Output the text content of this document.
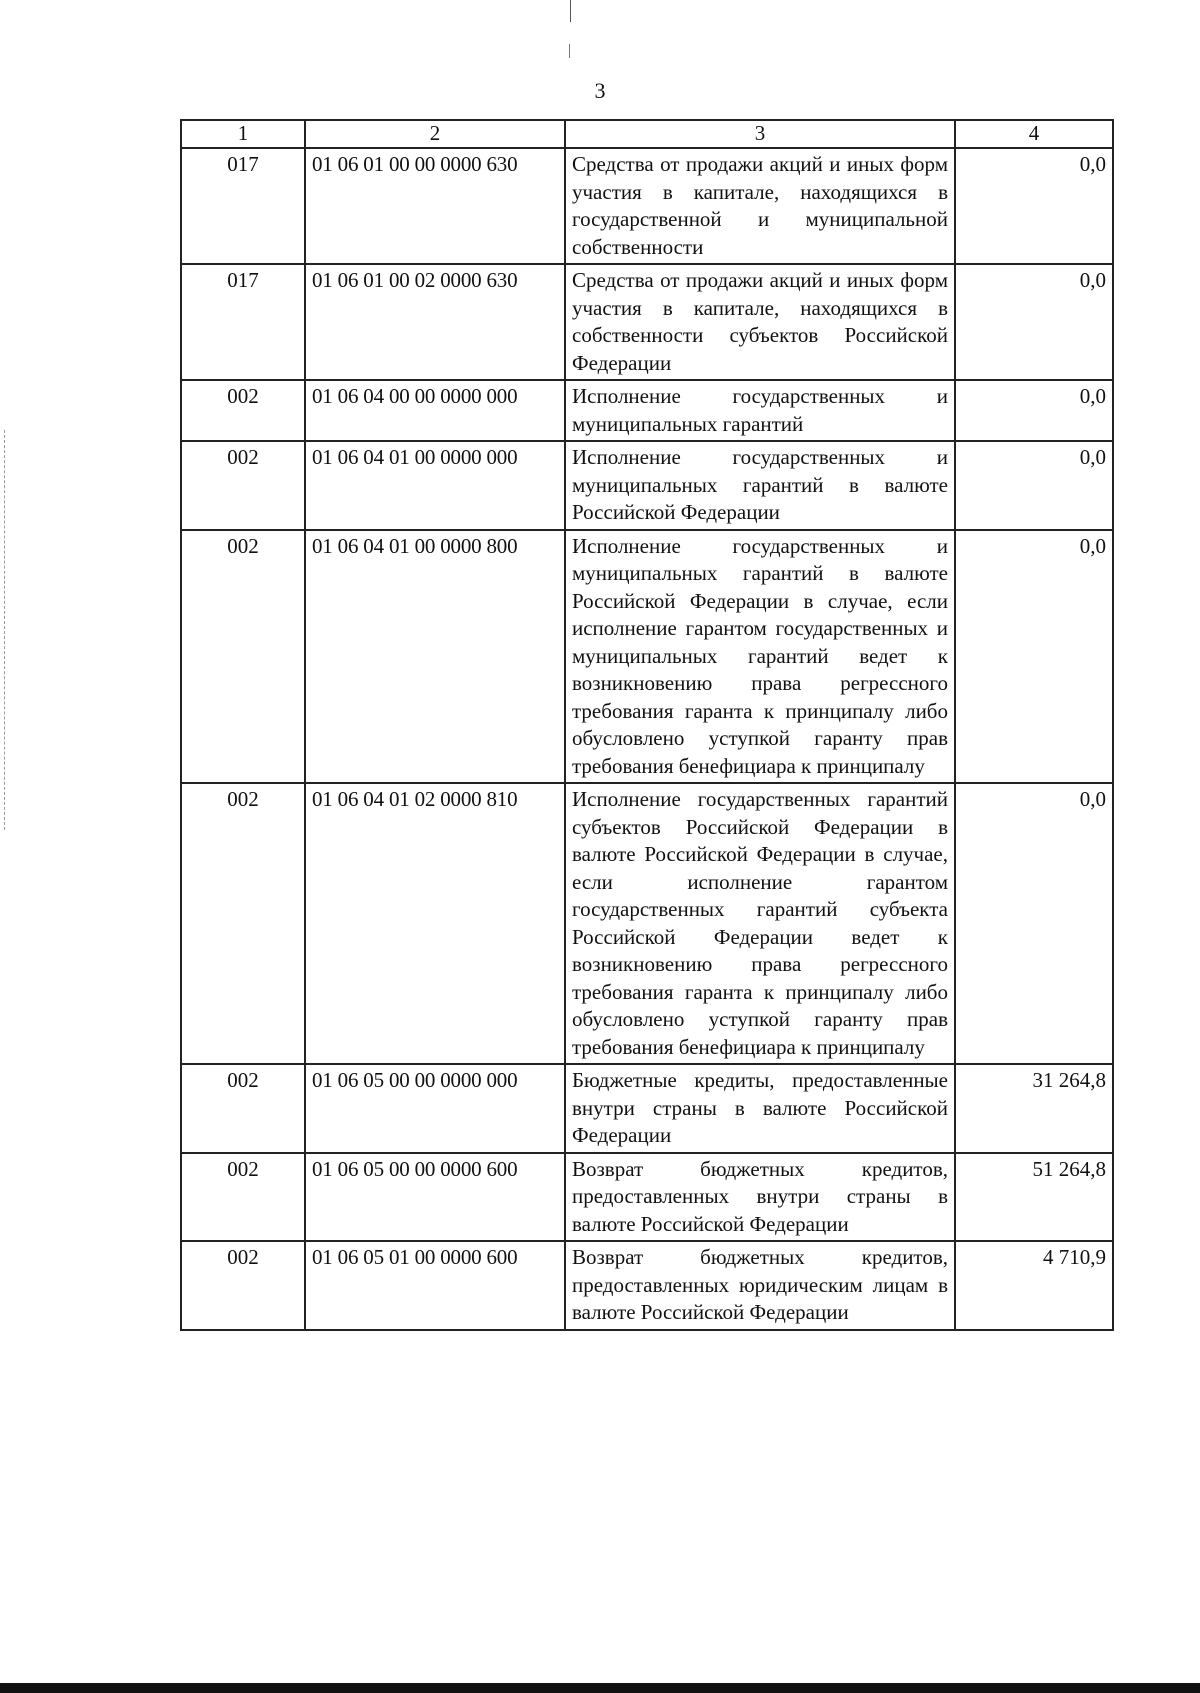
3
1	2	3	4
017	01 06 01 00 00 0000 630	Средства от продажи акций и иных форм участия в капитале, находящихся в государственной и муниципальной собственности	0,0
017	01 06 01 00 02 0000 630	Средства от продажи акций и иных форм участия в капитале, находящихся в собственности субъектов Российской Федерации	0,0
002	01 06 04 00 00 0000 000	Исполнение государственных и муниципальных гарантий	0,0
002	01 06 04 01 00 0000 000	Исполнение государственных и муниципальных гарантий в валюте Российской Федерации	0,0
002	01 06 04 01 00 0000 800	Исполнение государственных и муниципальных гарантий в валюте Российской Федерации в случае, если исполнение гарантом государственных и муниципальных гарантий ведет к возникновению права регрессного требования гаранта к принципалу либо обусловлено уступкой гаранту прав требования бенефициара к принципалу	0,0
002	01 06 04 01 02 0000 810	Исполнение государственных гарантий субъектов Российской Федерации в валюте Российской Федерации в случае, если исполнение гарантом государственных гарантий субъекта Российской Федерации ведет к возникновению права регрессного требования гаранта к принципалу либо обусловлено уступкой гаранту прав требования бенефициара к принципалу	0,0
002	01 06 05 00 00 0000 000	Бюджетные кредиты, предоставленные внутри страны в валюте Российской Федерации	31 264,8
002	01 06 05 00 00 0000 600	Возврат бюджетных кредитов, предоставленных внутри страны в валюте Российской Федерации	51 264,8
002	01 06 05 01 00 0000 600	Возврат бюджетных кредитов, предоставленных юридическим лицам в валюте Российской Федерации	4 710,9
